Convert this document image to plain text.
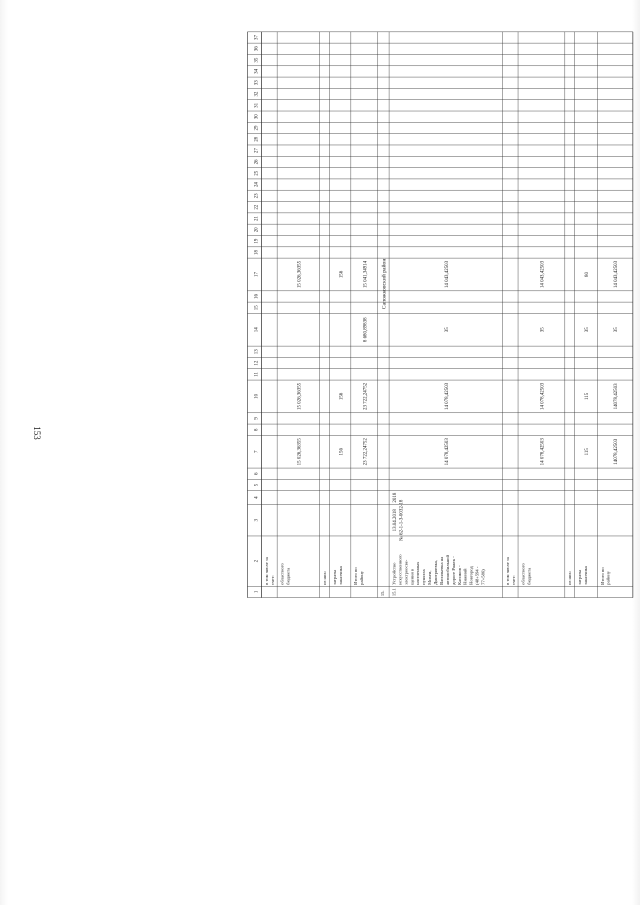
153
1
2
3
4
5
6
7
8
9
10
11
12
13
14
15
16
17
18
19
20
21
22
23
24
25
26
27
28
29
30
31
32
33
34
35
36
37
в том числе за счет: областного бюджета
15 026,36355
15 026,36355
15 026,36355
из них: затраты заказчика
156
156
156
Итого по району
23 722,24752
23 722,24752
8 680,89838
15 041,34914
15.
Сапожковский район
15.1
Устройство искусственного электроосве- щения в населенных пунктах Михеи, Дмитриевка, Васильевка на автомобильной дороге Ряжск - Касимов - Нижний Новгород (48+594 - 77+586)
13.04.2018 № 62-1-1-3-0032-18
2018
14 078,42503
14 078,42503
35
14 043,42503
в том числе за счет: областного бюджета
14 078,42503
14 078,42503
35
14 043,42503
из них: затраты заказчика
115
115
35
80
Итого по району
14078,42503
14078,42503
35
14 043,42503
